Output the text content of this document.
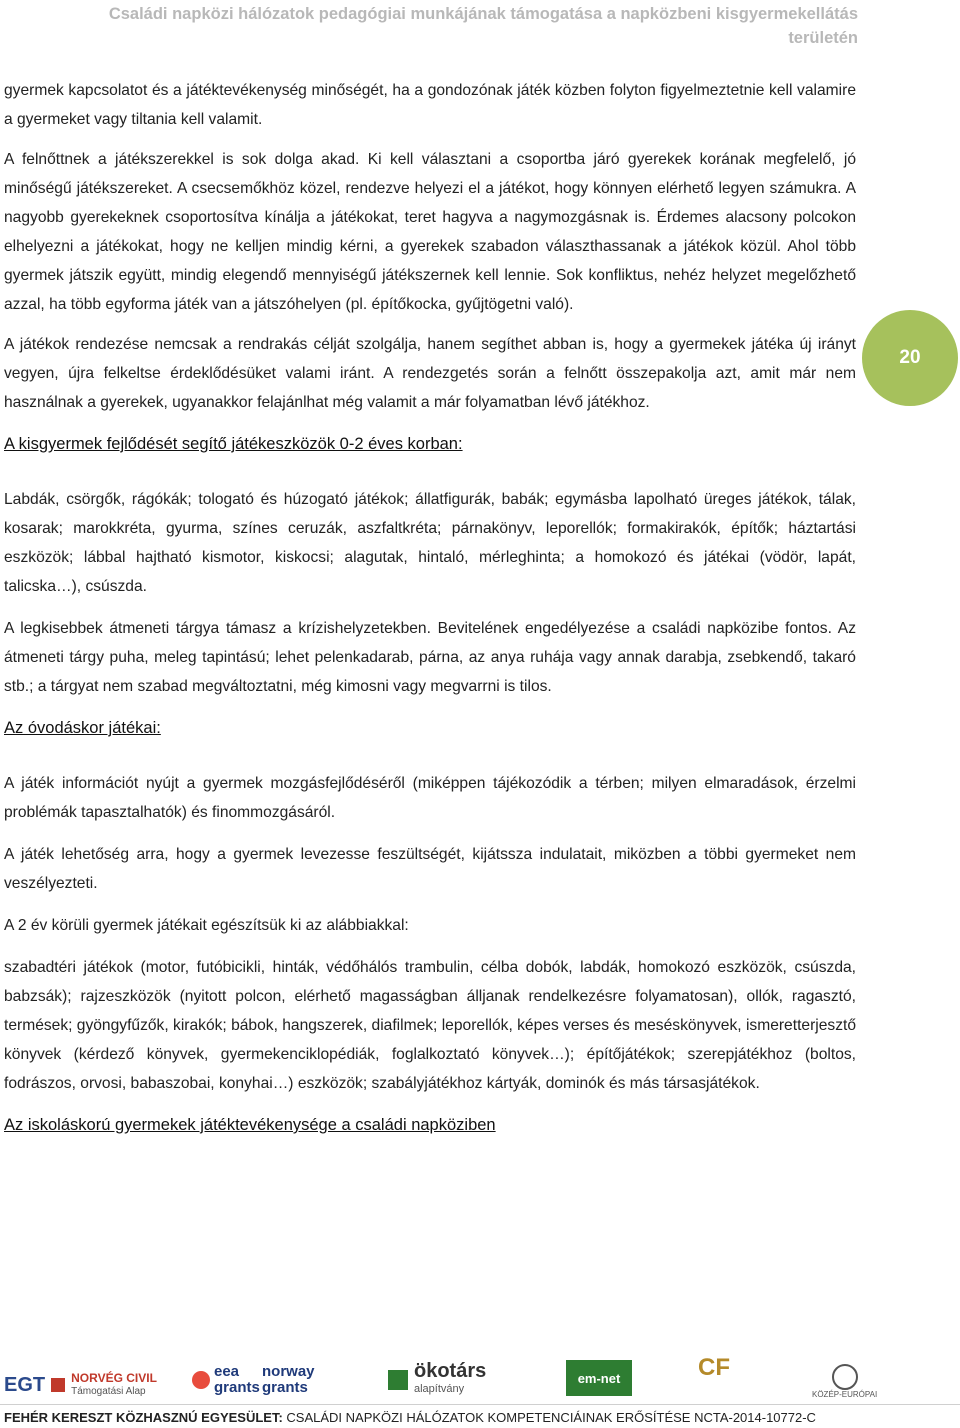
Családi napközi hálózatok pedagógiai munkájának támogatása a napközbeni kisgyermekellátás
területén
20

gyermek kapcsolatot és a játéktevékenység minőségét, ha a gondozónak játék közben folyton figyelmeztetnie kell valamire a gyermeket vagy tiltania kell valamit.

A felnőttnek a játékszerekkel is sok dolga akad. Ki kell választani a csoportba járó gyerekek korának megfelelő, jó minőségű játékszereket. A csecsemőkhöz közel, rendezve helyezi el a játékot, hogy könnyen elérhető legyen számukra. A nagyobb gyerekeknek csoportosítva kínálja a játékokat, teret hagyva a nagymozgásnak is. Érdemes alacsony polcokon elhelyezni a játékokat, hogy ne kelljen mindig kérni, a gyerekek szabadon választhassanak a játékok közül. Ahol több gyermek játszik együtt, mindig elegendő mennyiségű játékszernek kell lennie. Sok konfliktus, nehéz helyzet megelőzhető azzal, ha több egyforma játék van a játszóhelyen (pl. építőkocka, gyűjtögetni való).

A játékok rendezése nemcsak a rendrakás célját szolgálja, hanem segíthet abban is, hogy a gyermekek játéka új irányt vegyen, újra felkeltse érdeklődésüket valami iránt. A rendezgetés során a felnőtt összepakolja azt, amit már nem használnak a gyerekek, ugyanakkor felajánlhat még valamit a már folyamatban lévő játékhoz.

A kisgyermek fejlődését segítő játékeszközök 0-2 éves korban:

Labdák, csörgők, rágókák; tologató és húzogató játékok; állatfigurák, babák; egymásba lapolható üreges játékok, tálak, kosarak; marokkréta, gyurma, színes ceruzák, aszfaltkréta; párnakönyv, leporellók; formakirakók, építők; háztartási eszközök; lábbal hajtható kismotor, kiskocsi; alagutak, hintaló, mérleghinta; a homokozó és játékai (vödör, lapát, talicska…), csúszda.

A legkisebbek átmeneti tárgya támasz a krízishelyzetekben. Bevitelének engedélyezése a családi napközibe fontos. Az átmeneti tárgy puha, meleg tapintású; lehet pelenkadarab, párna, az anya ruhája vagy annak darabja, zsebkendő, takaró stb.; a tárgyat nem szabad megváltoztatni, még kimosni vagy megvarrni is tilos.

Az óvodáskor játékai:

A játék információt nyújt a gyermek mozgásfejlődéséről (miképpen tájékozódik a térben; milyen elmaradások, érzelmi problémák tapasztalhatók) és finommozgásáról.

A játék lehetőség arra, hogy a gyermek levezesse feszültségét, kijátssza indulatait, miközben a többi gyermeket nem veszélyezteti.

A 2 év körüli gyermek játékait egészítsük ki az alábbiakkal:

szabadtéri játékok (motor, futóbicikli, hinták, védőhálós trambulin, célba dobók, labdák, homokozó eszközök, csúszda, babzsák); rajzeszközök (nyitott polcon, elérhető magasságban álljanak rendelkezésre folyamatosan), ollók, ragasztó, termések; gyöngyfűzők, kirakók; bábok, hangszerek, diafilmek; leporellók, képes verses és meséskönyvek, ismeretterjesztő könyvek (kérdező könyvek, gyermekenciklopédiák, foglalkoztató könyvek…); építőjátékok; szerepjátékhoz (boltos, fodrászos, orvosi, babaszobai, konyhai…) eszközök; szabályjátékhoz kártyák, dominók és más társasjátékok.

Az iskoláskorú gyermekek játéktevékenysége a családi napköziben

EGT NORVÉG CIVIL
Támogatási Alap
eea
grants
norway
grants
ökotárs
alapítvány
em-net	CF
KÖZÉP-EURÓPAI
FEHÉR KERESZT KÖZHASZNÚ EGYESÜLET: CSALÁDI NAPKÖZI HÁLÓZATOK KOMPETENCIÁINAK ERŐSÍTÉSE NCTA-2014-10772-C
